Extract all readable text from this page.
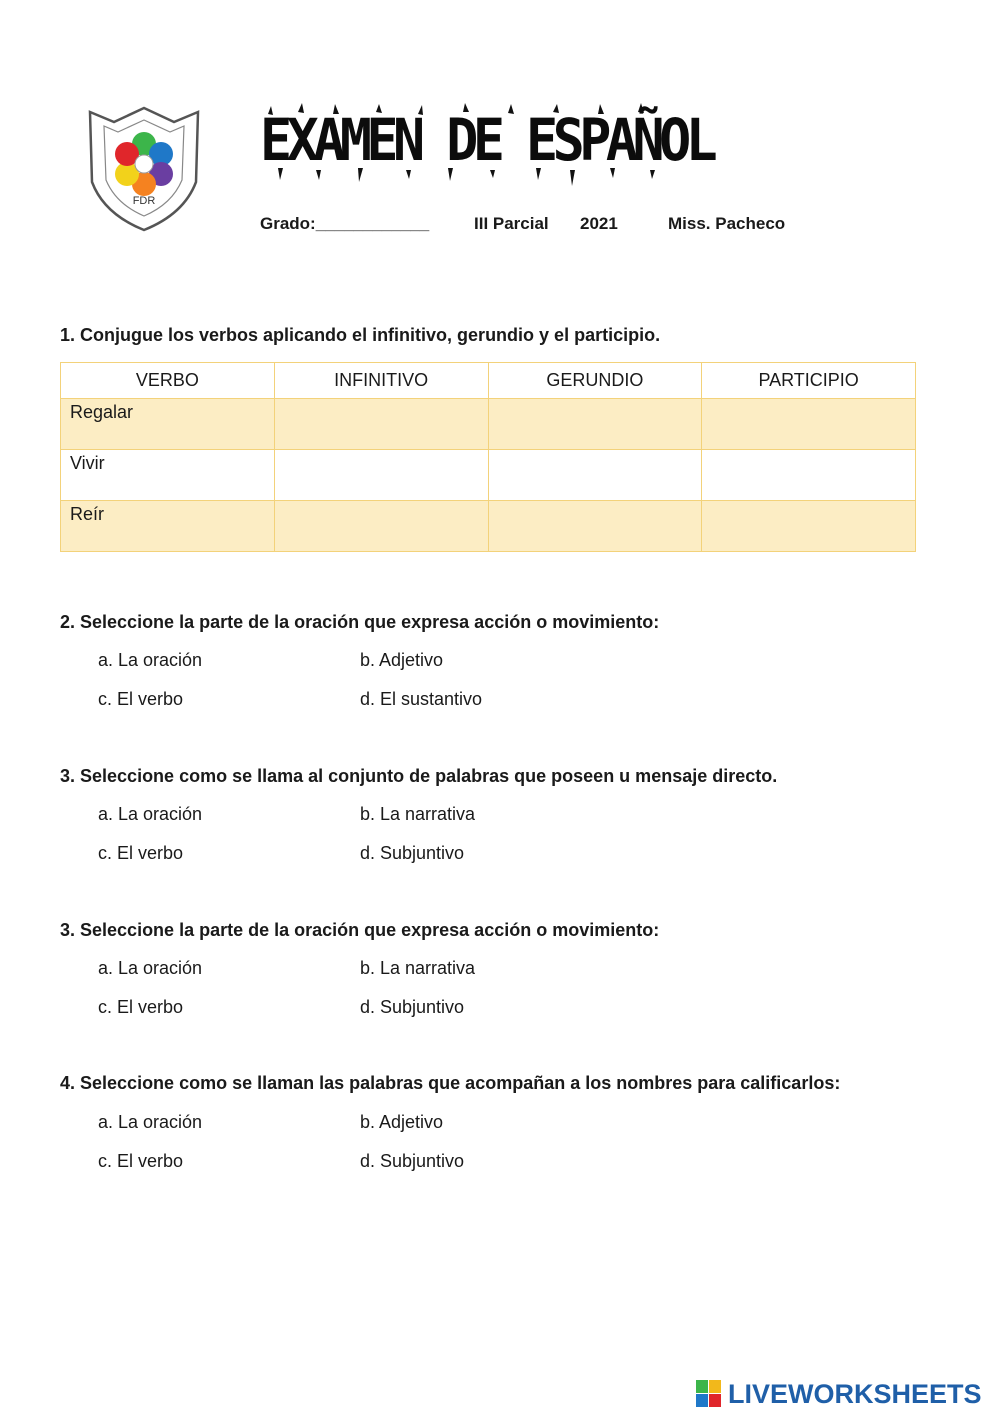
FDR
EXAMEN DE ESPAÑOL
Grado:____________	III Parcial 2021	Miss. Pacheco
1. Conjugue los verbos aplicando el infinitivo, gerundio y el participio.
VERBO	INFINITIVO	GERUNDIO	PARTICIPIO
Regalar			
Vivir			
Reír			
2. Seleccione la parte de la oración que expresa acción o movimiento:
a. La oración	b. Adjetivo
c. El verbo	d. El sustantivo
3. Seleccione como se llama al conjunto de palabras que poseen u mensaje directo.
a. La oración	b. La narrativa
c. El verbo	d. Subjuntivo
3. Seleccione la parte de la oración que expresa acción o movimiento:
a. La oración	b. La narrativa
c. El verbo	d. Subjuntivo
4. Seleccione como se llaman las palabras que acompañan a los nombres para calificarlos:
a. La oración	b. Adjetivo
c. El verbo	d. Subjuntivo
LIVEWORKSHEETS
